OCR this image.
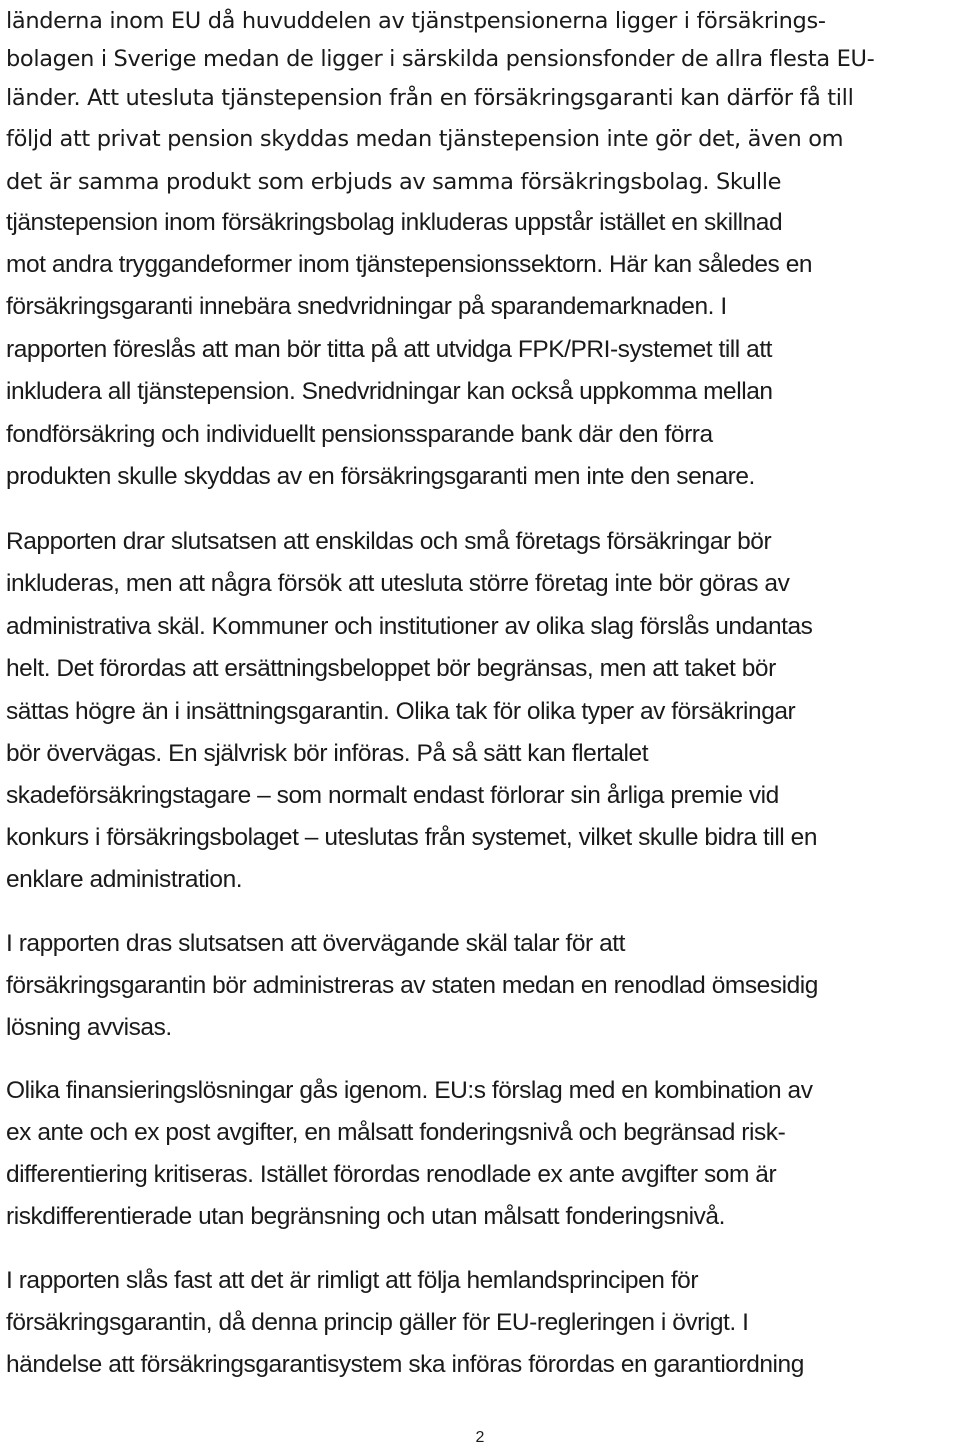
länderna inom EU då huvuddelen av tjänstpensionerna ligger i försäkrings-
bolagen i Sverige medan de ligger i särskilda pensionsfonder de allra flesta EU-
länder. Att utesluta tjänstepension från en försäkringsgaranti kan därför få till
följd att privat pension skyddas medan tjänstepension inte gör det, även om
det är samma produkt som erbjuds av samma försäkringsbolag. Skulle
tjänstepension inom försäkringsbolag inkluderas uppstår istället en skillnad
mot andra tryggandeformer inom tjänstepensionssektorn. Här kan således en
försäkringsgaranti innebära snedvridningar på sparandemarknaden. I
rapporten föreslås att man bör titta på att utvidga FPK/PRI-systemet till att
inkludera all tjänstepension. Snedvridningar kan också uppkomma mellan
fondförsäkring och individuellt pensionssparande bank där den förra
produkten skulle skyddas av en försäkringsgaranti men inte den senare.
Rapporten drar slutsatsen att enskildas och små företags försäkringar bör
inkluderas, men att några försök att utesluta större företag inte bör göras av
administrativa skäl. Kommuner och institutioner av olika slag förslås undantas
helt. Det förordas att ersättningsbeloppet bör begränsas, men att taket bör
sättas högre än i insättningsgarantin. Olika tak för olika typer av försäkringar
bör övervägas. En självrisk bör införas. På så sätt kan flertalet
skadeförsäkringstagare – som normalt endast förlorar sin årliga premie vid
konkurs i försäkringsbolaget – uteslutas från systemet, vilket skulle bidra till en
enklare administration.
I rapporten dras slutsatsen att övervägande skäl talar för att
försäkringsgarantin bör administreras av staten medan en renodlad ömsesidig
lösning avvisas.
Olika finansieringslösningar gås igenom. EU:s förslag med en kombination av
ex ante och ex post avgifter, en målsatt fonderingsnivå och begränsad risk-
differentiering kritiseras. Istället förordas renodlade ex ante avgifter som är
riskdifferentierade utan begränsning och utan målsatt fonderingsnivå.
I rapporten slås fast att det är rimligt att följa hemlandsprincipen för
försäkringsgarantin, då denna princip gäller för EU-regleringen i övrigt. I
händelse att försäkringsgarantisystem ska införas förordas en garantiordning
2
